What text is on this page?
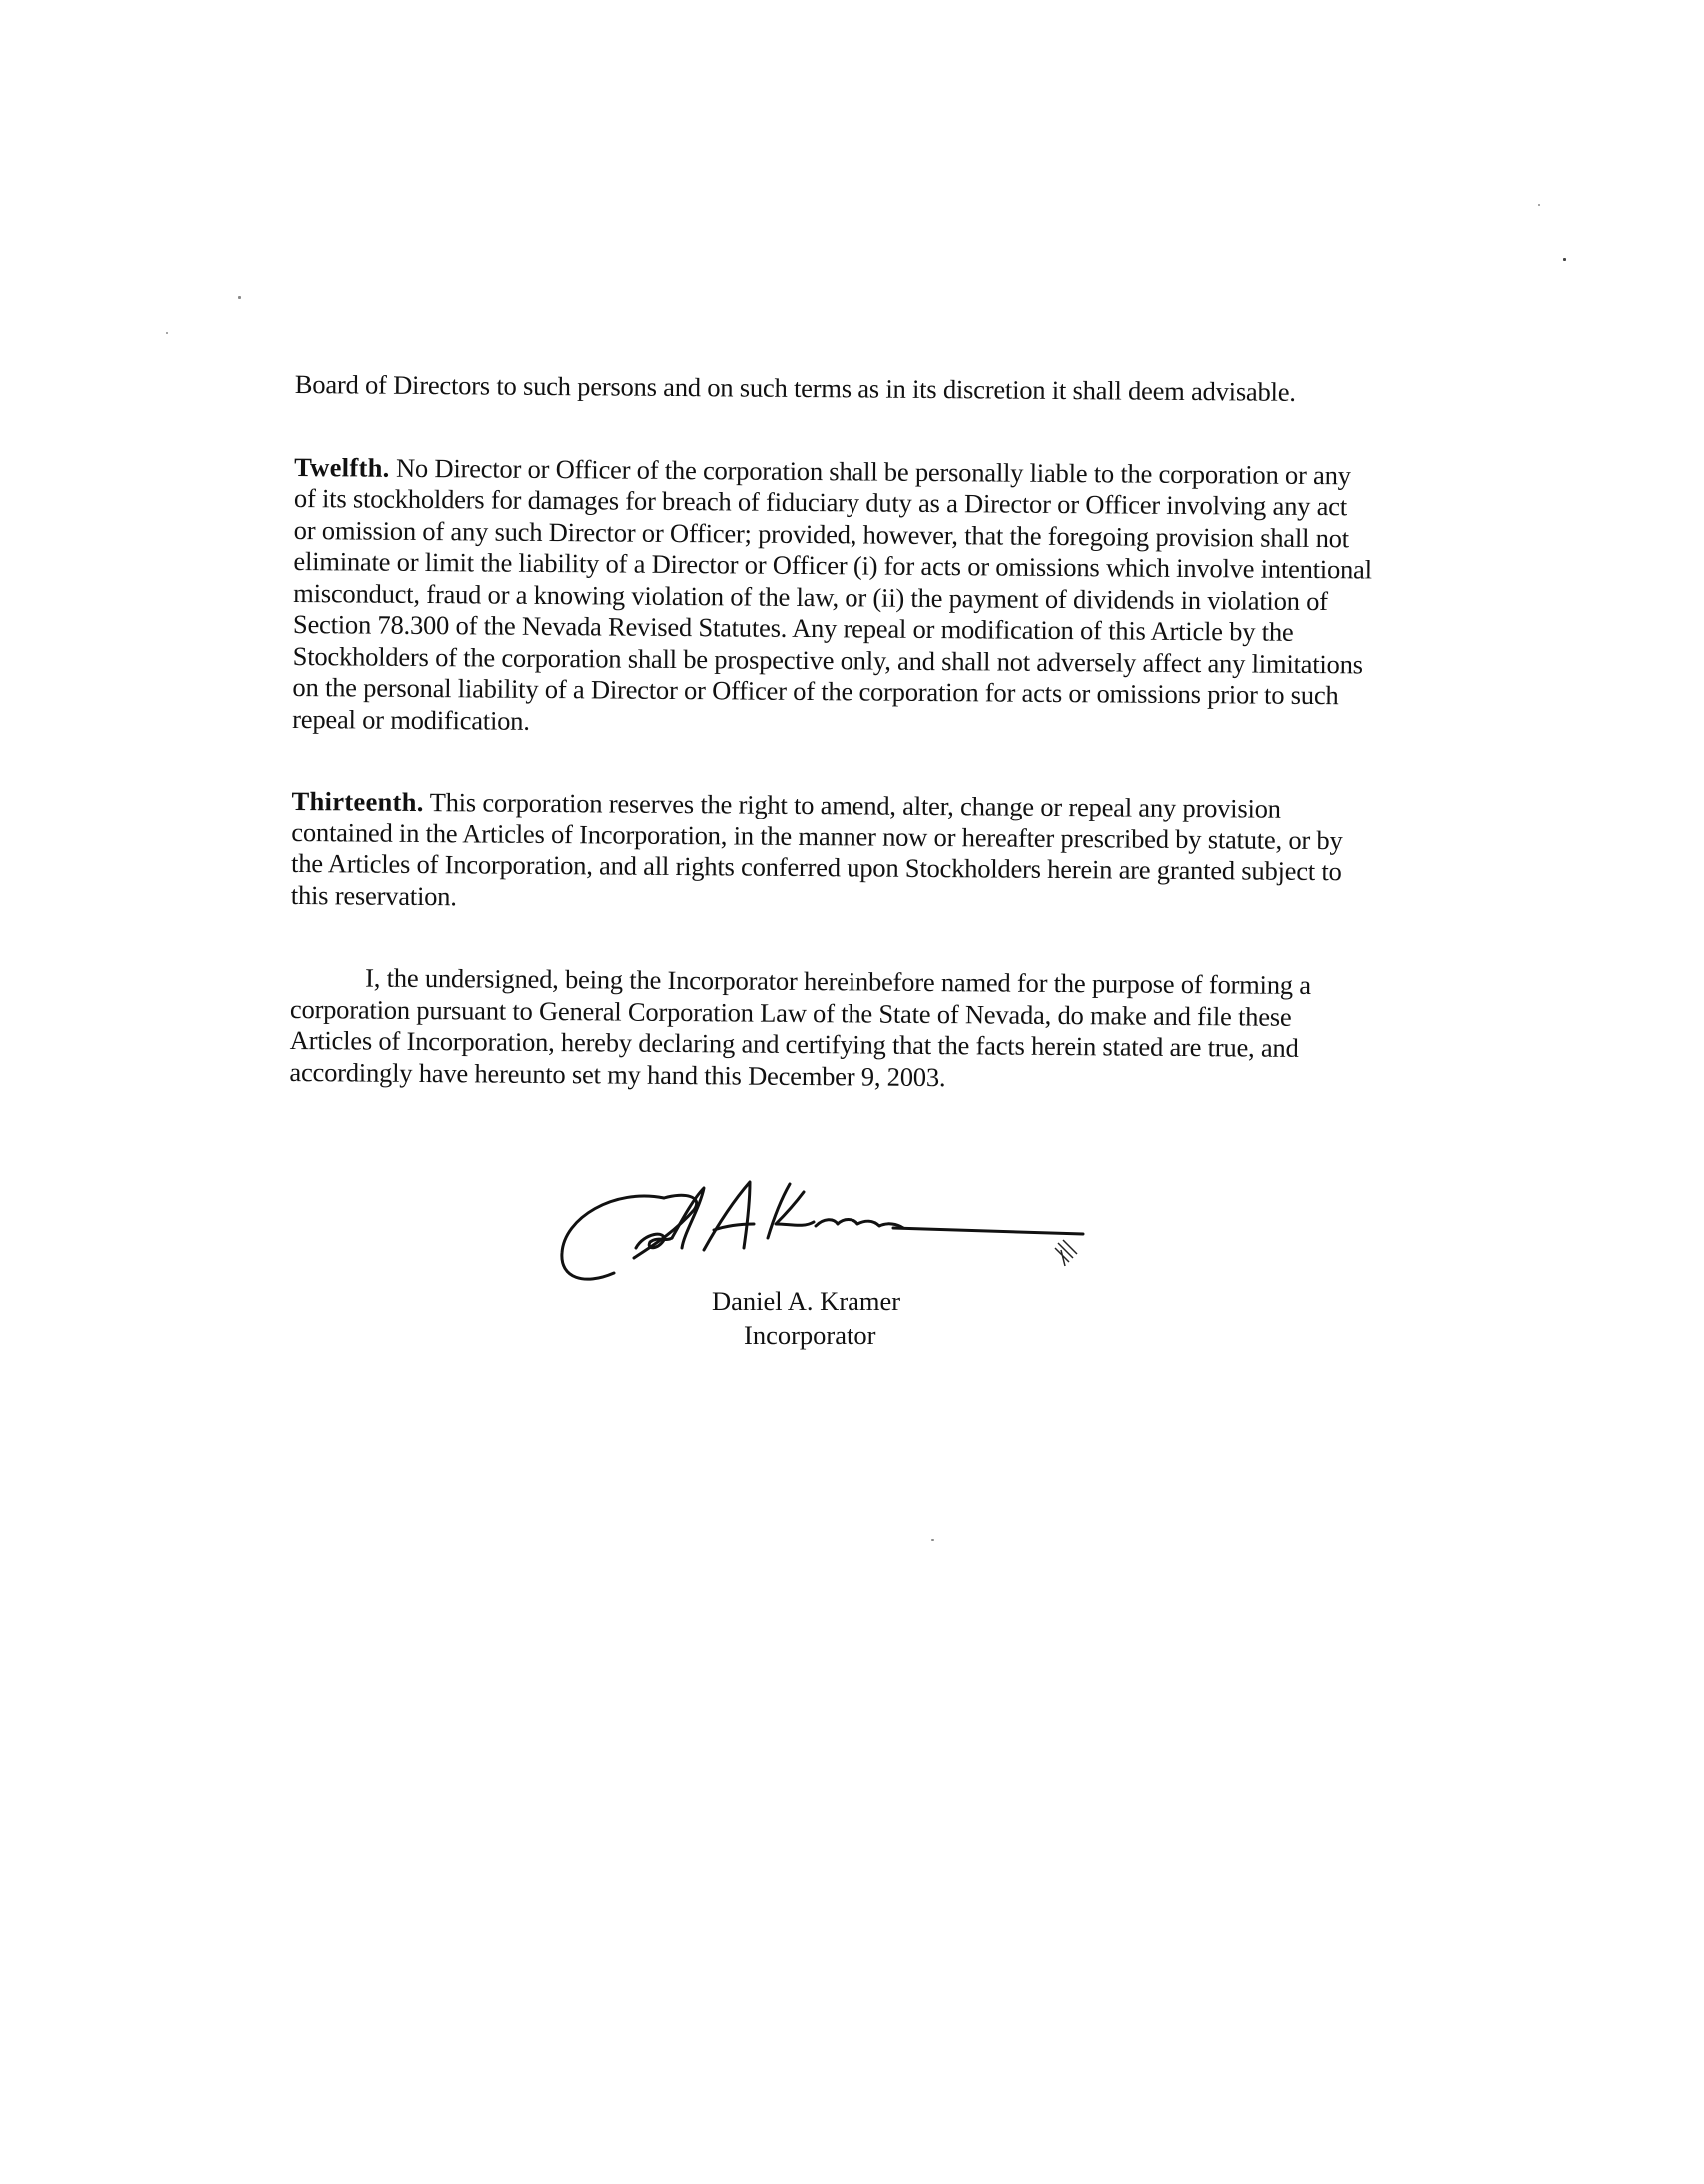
Board of Directors to such persons and on such terms as in its discretion it shall deem advisable.

Twelfth. No Director or Officer of the corporation shall be personally liable to the corporation or any of its stockholders for damages for breach of fiduciary duty as a Director or Officer involving any act or omission of any such Director or Officer; provided, however, that the foregoing provision shall not eliminate or limit the liability of a Director or Officer (i) for acts or omissions which involve intentional misconduct, fraud or a knowing violation of the law, or (ii) the payment of dividends in violation of Section 78.300 of the Nevada Revised Statutes. Any repeal or modification of this Article by the Stockholders of the corporation shall be prospective only, and shall not adversely affect any limitations on the personal liability of a Director or Officer of the corporation for acts or omissions prior to such repeal or modification.

Thirteenth. This corporation reserves the right to amend, alter, change or repeal any provision contained in the Articles of Incorporation, in the manner now or hereafter prescribed by statute, or by the Articles of Incorporation, and all rights conferred upon Stockholders herein are granted subject to this reservation.

I, the undersigned, being the Incorporator hereinbefore named for the purpose of forming a corporation pursuant to General Corporation Law of the State of Nevada, do make and file these Articles of Incorporation, hereby declaring and certifying that the facts herein stated are true, and accordingly have hereunto set my hand this December 9, 2003.

Daniel A. Kramer
Incorporator
